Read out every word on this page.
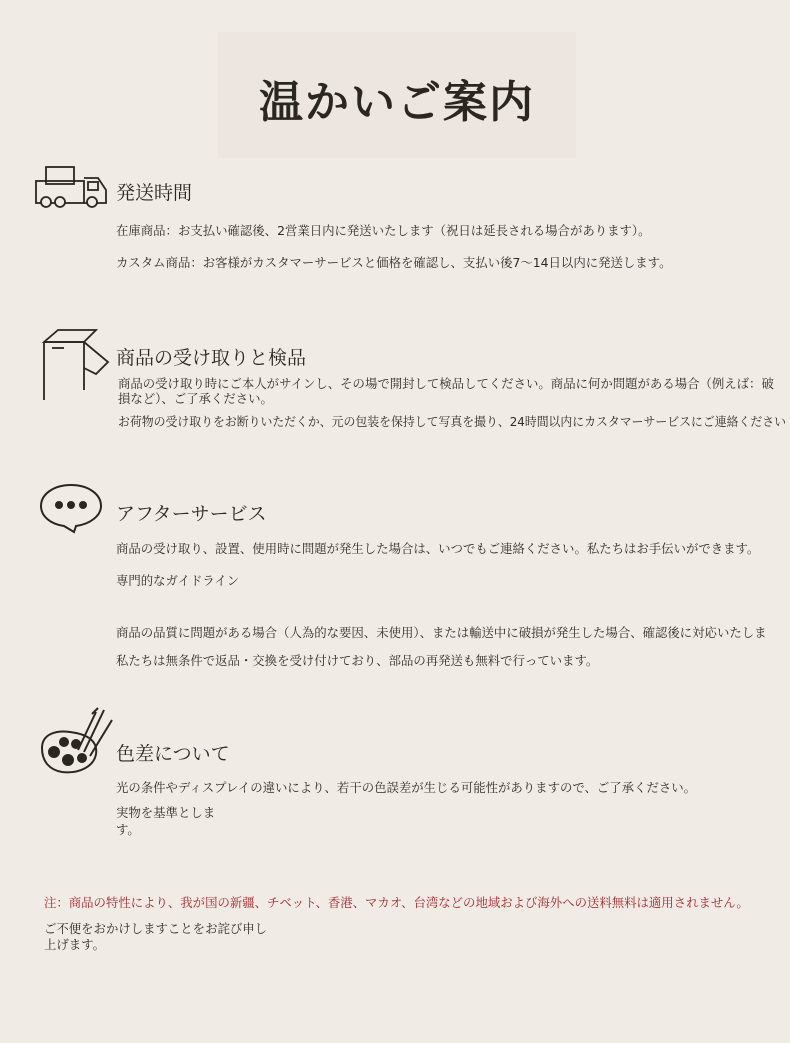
温かいご案内
発送時間
在庫商品：お支払い確認後、2営業日内に発送いたします（祝日は延長される場合があります）。
カスタム商品：お客様がカスタマーサービスと価格を確認し、支払い後7〜14日以内に発送します。
商品の受け取りと検品
商品の受け取り時にご本人がサインし、その場で開封して検品してください。商品に何か問題がある場合（例えば：破
損など）、ご了承ください。
お荷物の受け取りをお断りいただくか、元の包装を保持して写真を撮り、24時間以内にカスタマーサービスにご連絡ください
アフターサービス
商品の受け取り、設置、使用時に問題が発生した場合は、いつでもご連絡ください。私たちはお手伝いができます。
専門的なガイドライン
商品の品質に問題がある場合（人為的な要因、未使用）、または輸送中に破損が発生した場合、確認後に対応いたしま
私たちは無条件で返品・交換を受け付けており、部品の再発送も無料で行っています。
色差について
光の条件やディスプレイの違いにより、若干の色誤差が生じる可能性がありますので、ご了承ください。
実物を基準としま
す。
注：商品の特性により、我が国の新疆、チベット、香港、マカオ、台湾などの地域および海外への送料無料は適用されません。
ご不便をおかけしますことをお詫び申し
上げます。
